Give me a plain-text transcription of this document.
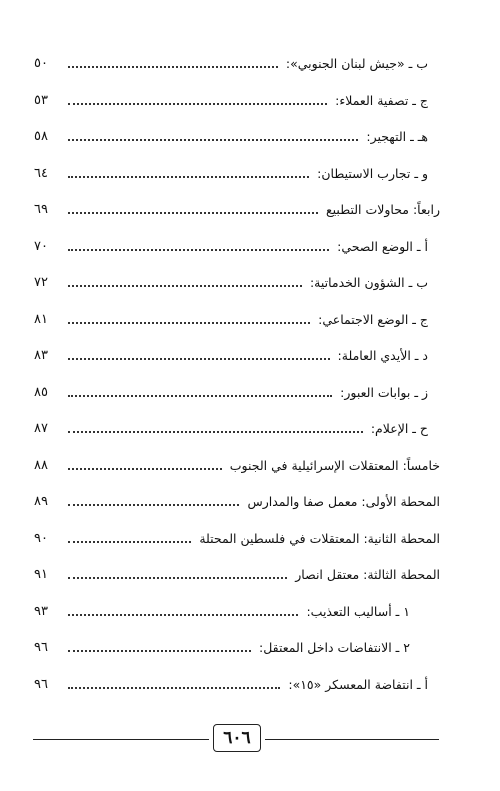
ب ـ «جيش لبنان الجنوبي»:
٥٠
ج ـ تصفية العملاء:
٥٣
هـ ـ التهجير:
٥٨
و ـ تجارب الاستيطان:
٦٤
رابعاً: محاولات التطبيع
٦٩
أ ـ الوضع الصحي:
٧٠
ب ـ الشؤون الخدماتية:
٧٢
ج ـ الوضع الاجتماعي:
٨١
د ـ الأيدي العاملة:
٨٣
ز ـ بوابات العبور:
٨٥
ح ـ الإعلام:
٨٧
خامساً: المعتقلات الإسرائيلية في الجنوب
٨٨
المحطة الأولى: معمل صفا والمدارس
٨٩
المحطة الثانية: المعتقلات في فلسطين المحتلة
٩٠
المحطة الثالثة: معتقل انصار
٩١
١ ـ أساليب التعذيب:
٩٣
٢ ـ الانتفاضات داخل المعتقل:
٩٦
أ ـ انتفاضة المعسكر «١٥»:
٩٦
٦٠٦
